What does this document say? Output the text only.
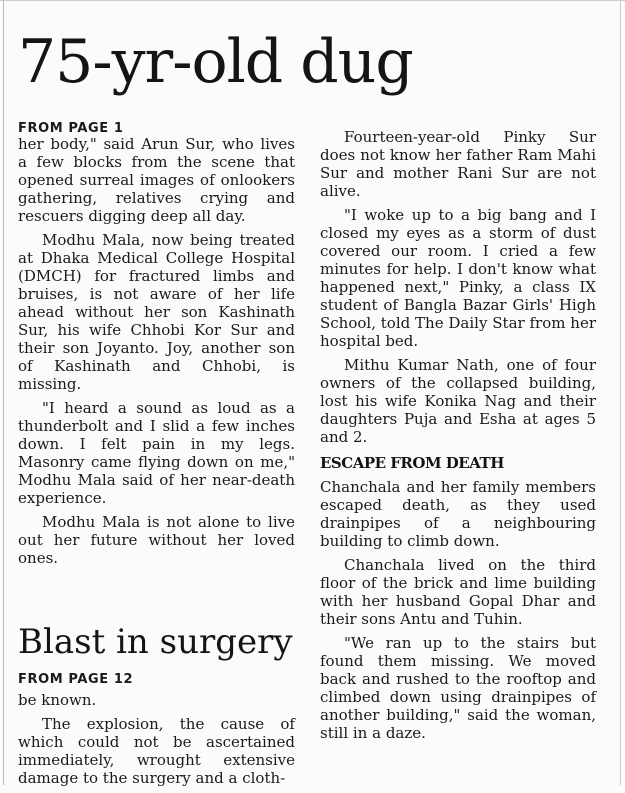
75-yr-old dug
FROM PAGE 1

her body," said Arun Sur, who lives a few blocks from the scene that opened surreal images of onlookers gathering, relatives crying and rescuers digging deep all day.

Modhu Mala, now being treated at Dhaka Medical College Hospital (DMCH) for fractured limbs and bruises, is not aware of her life ahead without her son Kashinath Sur, his wife Chhobi Kor Sur and their son Joyanto. Joy, another son of Kashinath and Chhobi, is missing.

"I heard a sound as loud as a thunderbolt and I slid a few inches down. I felt pain in my legs. Masonry came flying down on me," Modhu Mala said of her near-death experience.

Modhu Mala is not alone to live out her future without her loved ones.

Fourteen-year-old Pinky Sur does not know her father Ram Mahi Sur and mother Rani Sur are not alive.

"I woke up to a big bang and I closed my eyes as a storm of dust covered our room. I cried a few minutes for help. I don't know what happened next," Pinky, a class IX student of Bangla Bazar Girls' High School, told The Daily Star from her hospital bed.

Mithu Kumar Nath, one of four owners of the collapsed building, lost his wife Konika Nag and their daughters Puja and Esha at ages 5 and 2.

ESCAPE FROM DEATH

Chanchala and her family members escaped death, as they used drainpipes of a neighbouring building to climb down.

Chanchala lived on the third floor of the brick and lime building with her husband Gopal Dhar and their sons Antu and Tuhin.

"We ran up to the stairs but found them missing. We moved back and rushed to the rooftop and climbed down using drainpipes of another building," said the woman, still in a daze.

Blast in surgery
FROM PAGE 12

be known.

The explosion, the cause of which could not be ascertained immediately, wrought extensive damage to the surgery and a cloth-
